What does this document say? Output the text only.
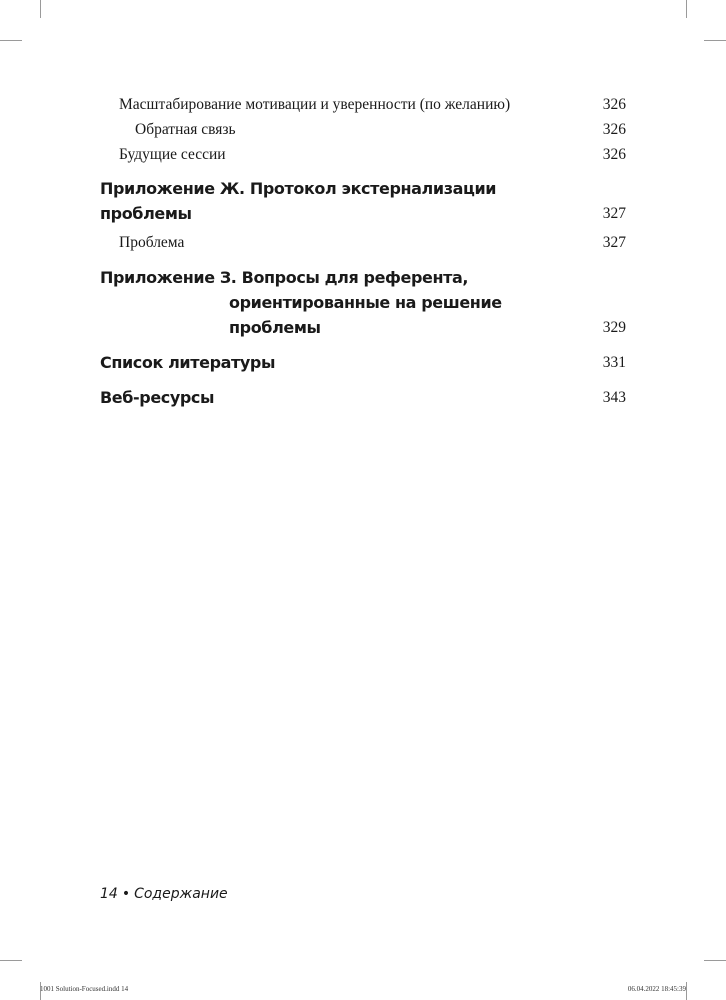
Масштабирование мотивации и уверенности (по желанию)	326
Обратная связь	326
Будущие сессии	326
Приложение Ж. Протокол экстернализации проблемы	327
Проблема	327
Приложение З. Вопросы для референта,
ориентированные на решение проблемы	329
Список литературы	331
Веб-ресурсы	343
14 • Содержание
1001 Solution-Focused.indd 14	06.04.2022 18:45:39
